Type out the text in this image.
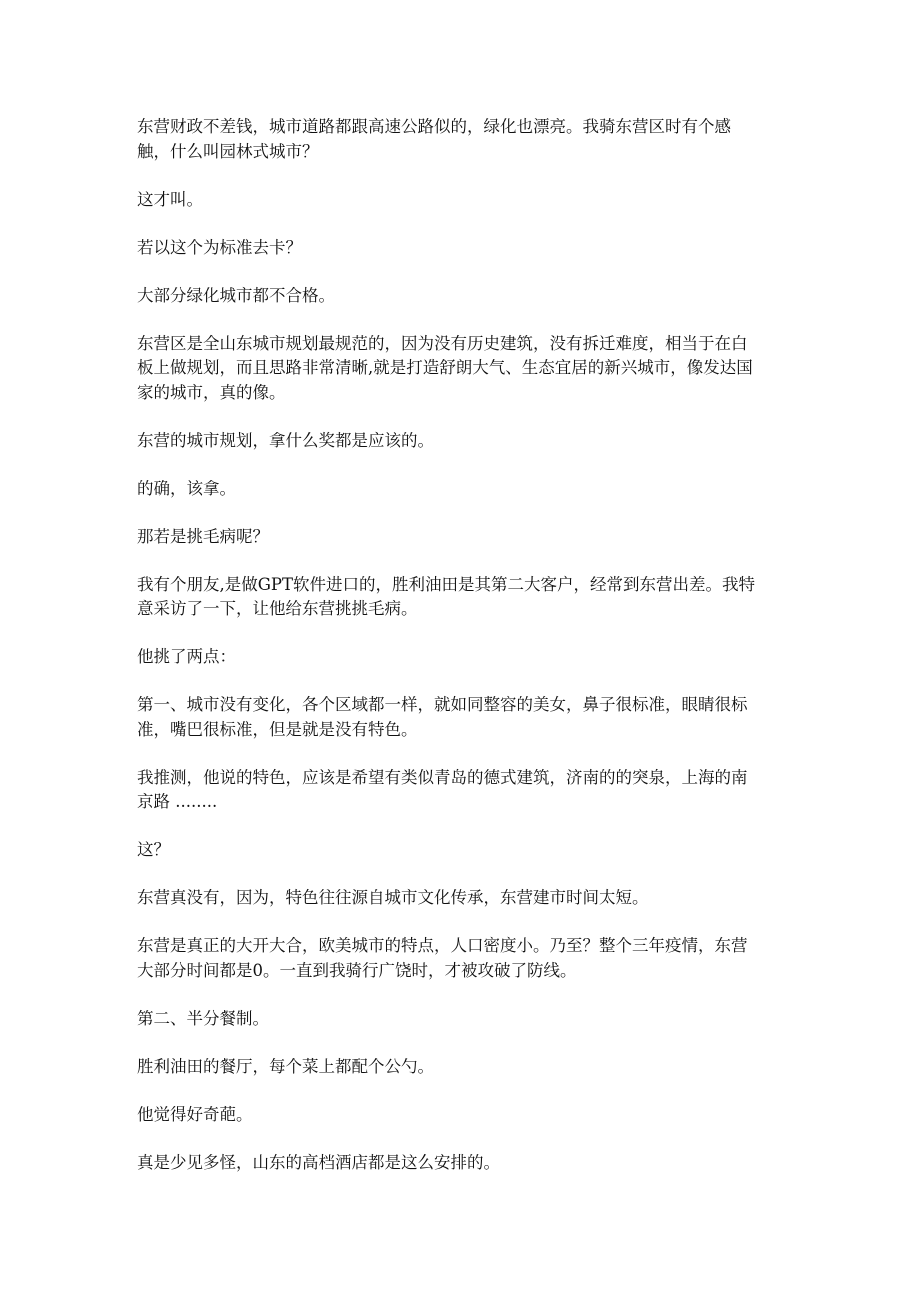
东营财政不差钱，城市道路都跟高速公路似的，绿化也漂亮。我骑东营区时有个感
触，什么叫园林式城市？

这才叫。

若以这个为标准去卡？

大部分绿化城市都不合格。

东营区是全山东城市规划最规范的，因为没有历史建筑，没有拆迁难度，相当于在白
板上做规划，而且思路非常清晰,就是打造舒朗大气、生态宜居的新兴城市，像发达国
家的城市，真的像。

东营的城市规划，拿什么奖都是应该的。

的确，该拿。

那若是挑毛病呢？

我有个朋友,是做GPT软件进口的，胜利油田是其第二大客户，经常到东营出差。我特
意采访了一下，让他给东营挑挑毛病。

他挑了两点：

第一、城市没有变化，各个区域都一样，就如同整容的美女，鼻子很标准，眼睛很标
准，嘴巴很标准，但是就是没有特色。

我推测，他说的特色，应该是希望有类似青岛的德式建筑，济南的的突泉，上海的南
京路 ........

这？

东营真没有，因为，特色往往源自城市文化传承，东营建市时间太短。

东营是真正的大开大合，欧美城市的特点，人口密度小。乃至？整个三年疫情，东营
大部分时间都是0。一直到我骑行广饶时，才被攻破了防线。

第二、半分餐制。

胜利油田的餐厅，每个菜上都配个公勺。

他觉得好奇葩。

真是少见多怪，山东的高档酒店都是这么安排的。
